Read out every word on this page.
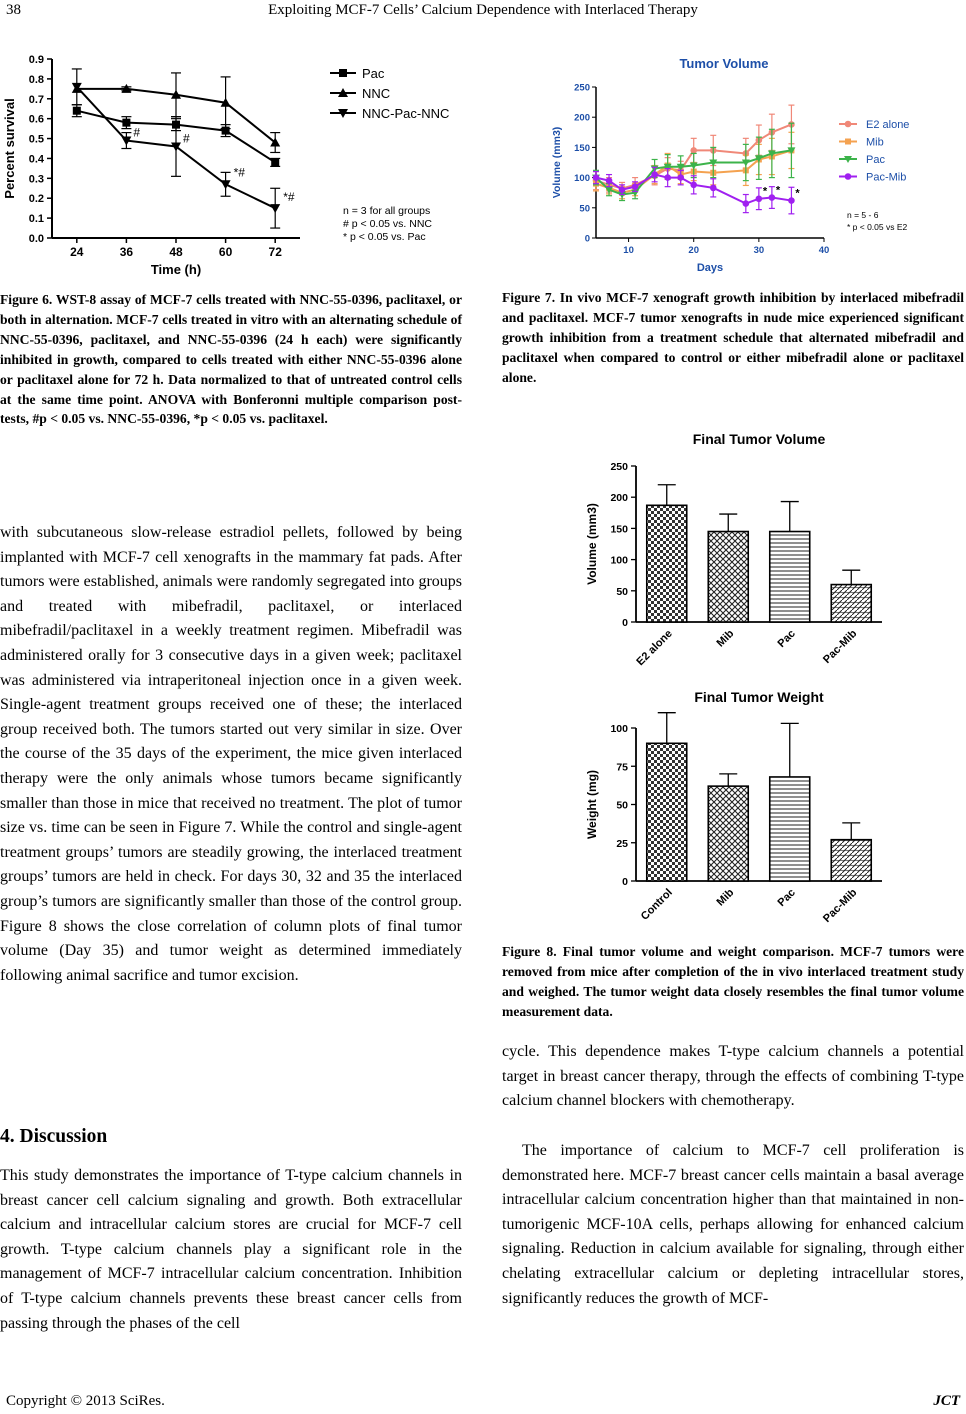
38	Exploiting MCF-7 Cells’ Calcium Dependence with Interlaced Therapy
0.0
0.1
0.2
0.3
0.4
0.5
0.6
0.7
0.8
0.9
24	36	48	60	72
Time (h)
Percent survival
Pac
NNC
NNC-Pac-NNC
#	#
*#
*#
n = 3 for all groups
# p < 0.05 vs. NNC
* p < 0.05 vs. Pac

Figure 6. WST-8 assay of MCF-7 cells treated with NNC-55-0396, paclitaxel, or both in alternation. MCF-7 cells treated in vitro with an alternating schedule of NNC-55-0396, paclitaxel, and NNC-55-0396 (24 h each) were significantly inhibited in growth, compared to cells treated with either NNC-55-0396 alone or paclitaxel alone for 72 h. Data normalized to that of untreated control cells at the same time point. ANOVA with Bonferonni multiple comparison post-tests, #p < 0.05 vs. NNC-55-0396, *p < 0.05 vs. paclitaxel.

Tumor Volume
0
50
100
150
200
250
10	20	30	40
Days
Volume (mm3)
E2 alone
Mib
Pac
Pac-Mib
* * *
n = 5 - 6
* p < 0.05 vs E2

Figure 7. In vivo MCF-7 xenograft growth inhibition by interlaced mibefradil and paclitaxel. MCF-7 tumor xenografts in nude mice experienced significant growth inhibition from a treatment schedule that alternated mibefradil and paclitaxel when compared to control or either mibefradil alone or paclitaxel alone.

Final Tumor Volume
0
50
100
150
200
250
Volume (mm3)
E2 alone	Mib	Pac Pac-Mib
Final Tumor Weight
0
25
50
75
100
Weight (mg)
Control	Mib	Pac Pac-Mib

Figure 8. Final tumor volume and weight comparison. MCF-7 tumors were removed from mice after completion of the in vivo interlaced treatment study and weighed. The tumor weight data closely resembles the final tumor volume measurement data.

with subcutaneous slow-release estradiol pellets, followed by being implanted with MCF-7 cell xenografts in the mammary fat pads. After tumors were established, animals were randomly segregated into groups and treated with mibefradil, paclitaxel, or interlaced mibefradil/paclitaxel in a weekly treatment regimen. Mibefradil was administered orally for 3 consecutive days in a given week; paclitaxel was administered via intraperitoneal injection once in a given week. Single-agent treatment groups received one of these; the interlaced group received both. The tumors started out very similar in size. Over the course of the 35 days of the experiment, the mice given interlaced therapy were the only animals whose tumors became significantly smaller than those in mice that received no treatment. The plot of tumor size vs. time can be seen in Figure 7. While the control and single-agent treatment groups’ tumors are steadily growing, the interlaced treatment groups’ tumors are held in check. For days 30, 32 and 35 the interlaced group’s tumors are significantly smaller than those of the control group. Figure 8 shows the close correlation of column plots of final tumor volume (Day 35) and tumor weight as determined immediately following animal sacrifice and tumor excision.

4. Discussion

This study demonstrates the importance of T-type calcium channels in breast cancer cell calcium signaling and growth. Both extracellular calcium and intracellular calcium stores are crucial for MCF-7 cell growth. T-type calcium channels play a significant role in the management of MCF-7 intracellular calcium concentration. Inhibition of T-type calcium channels prevents these breast cancer cells from passing through the phases of the cell

cycle. This dependence makes T-type calcium channels a potential target in breast cancer therapy, through the effects of combining T-type calcium channel blockers with chemotherapy.

The importance of calcium to MCF-7 cell proliferation is demonstrated here. MCF-7 breast cancer cells maintain a basal average intracellular calcium concentration higher than that maintained in non-tumorigenic MCF-10A cells, perhaps allowing for enhanced calcium signaling. Reduction in calcium available for signaling, through either chelating extracellular calcium or depleting intracellular stores, significantly reduces the growth of MCF-

Copyright © 2013 SciRes.	JCT
